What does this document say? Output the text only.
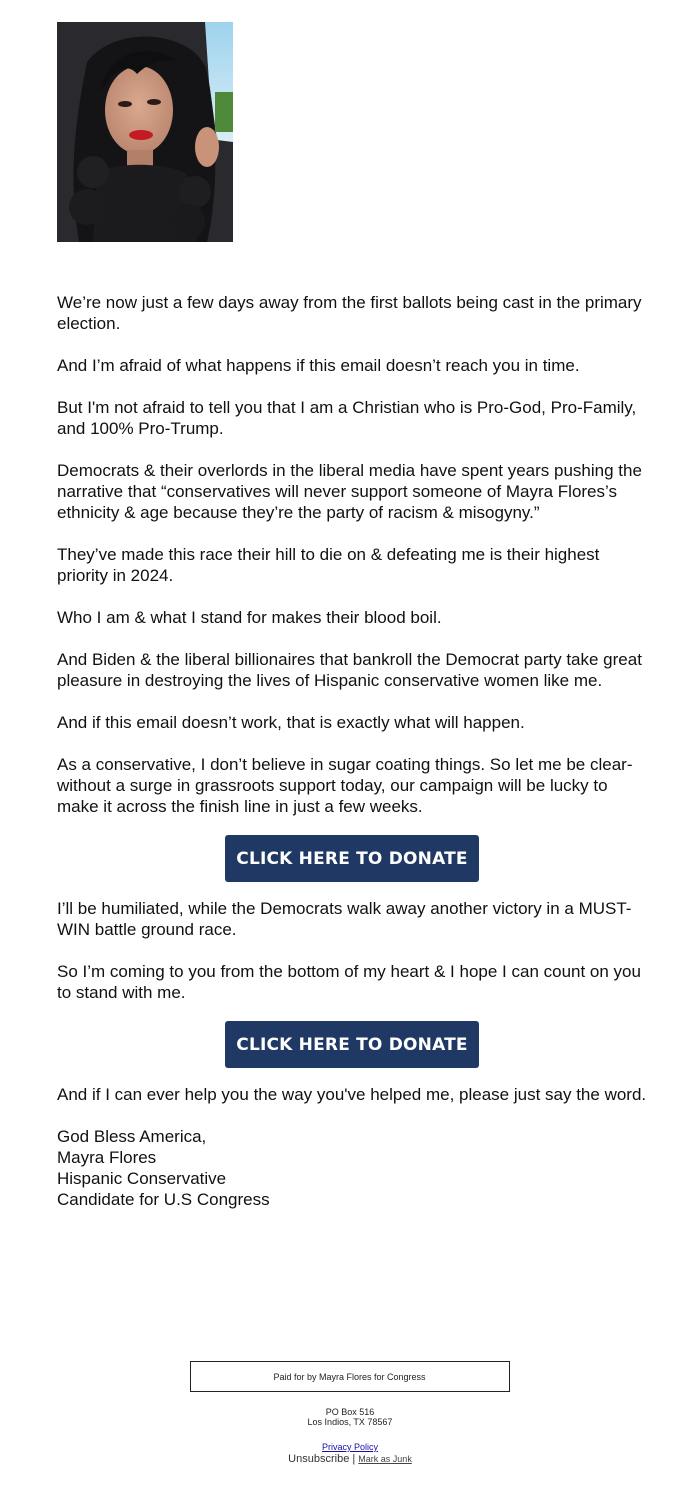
We’re now just a few days away from the first ballots being cast in the primary election.

And I’m afraid of what happens if this email doesn’t reach you in time.

But I'm not afraid to tell you that I am a Christian who is Pro-God, Pro-Family, and 100% Pro-Trump.

Democrats & their overlords in the liberal media have spent years pushing the narrative that “conservatives will never support someone of Mayra Flores’s ethnicity & age because they’re the party of racism & misogyny.”

They’ve made this race their hill to die on & defeating me is their highest priority in 2024.

Who I am & what I stand for makes their blood boil.

And Biden & the liberal billionaires that bankroll the Democrat party take great pleasure in destroying the lives of Hispanic conservative women like me.

And if this email doesn’t work, that is exactly what will happen.

As a conservative, I don’t believe in sugar coating things. So let me be clear- without a surge in grassroots support today, our campaign will be lucky to make it across the finish line in just a few weeks.

CLICK HERE TO DONATE

I’ll be humiliated, while the Democrats walk away another victory in a MUST-WIN battle ground race.

So I’m coming to you from the bottom of my heart & I hope I can count on you to stand with me.

CLICK HERE TO DONATE

And if I can ever help you the way you've helped me, please just say the word.

God Bless America,

Mayra Flores

Hispanic Conservative

Candidate for U.S Congress

Paid for by Mayra Flores for Congress
PO Box 516
Los Indios, TX 78567
Privacy Policy
Unsubscribe | Mark as Junk
